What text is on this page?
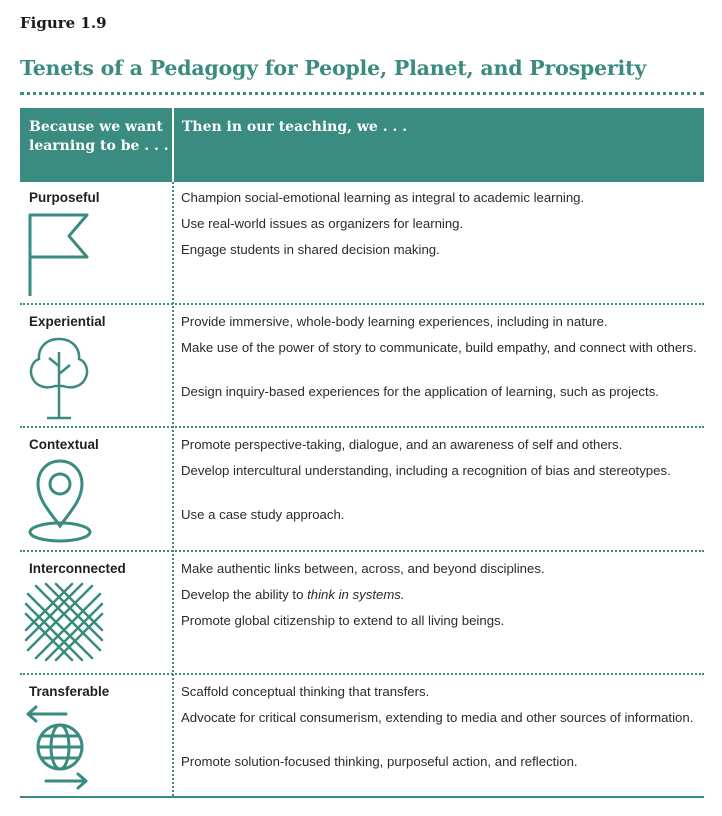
Figure 1.9
Tenets of a Pedagogy for People, Planet, and Prosperity
Because we want learning to be . . .
Then in our teaching, we . . .
Purposeful	Champion social-emotional learning as integral to academic learning.
Use real-world issues as organizers for learning.
Engage students in shared decision making.
Experiential	Provide immersive, whole-body learning experiences, including in nature.
Make use of the power of story to communicate, build empathy, and connect with others.
Design inquiry-based experiences for the application of learning, such as projects.
Contextual	Promote perspective-taking, dialogue, and an awareness of self and others.
Develop intercultural understanding, including a recognition of bias and stereotypes.
Use a case study approach.
Interconnected	Make authentic links between, across, and beyond disciplines.
Develop the ability to think in systems.
Promote global citizenship to extend to all living beings.
Transferable	Scaffold conceptual thinking that transfers.
Advocate for critical consumerism, extending to media and other sources of information.
Promote solution-focused thinking, purposeful action, and reflection.
